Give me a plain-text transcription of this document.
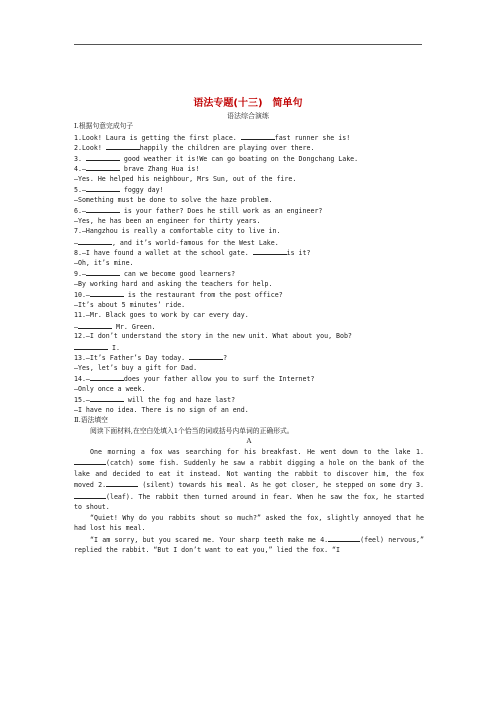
语法专题(十三)　简单句
语法综合演练
Ⅰ.根据句意完成句子
1.Look! Laura is getting the first place.	fast runner she is!
2.Look!	happily the children are playing over there.
3.	good weather it is!We can go boating on the Dongchang Lake.
4.—	brave Zhang Hua is!
—Yes. He helped his neighbour, Mrs Sun, out of the fire.
5.—	foggy day!
—Something must be done to solve the haze problem.
6.—	is your father? Does he still work as an engineer?
—Yes, he has been an engineer for thirty years.
7.—Hangzhou is really a comfortable city to live in.
—	, and it’s world-famous for the West Lake.
8.—I have found a wallet at the school gate.	is it?
—Oh, it’s mine.
9.—	can we become good learners?
—By working hard and asking the teachers for help.
10.—	is the restaurant from the post office?
—It’s about 5 minutes’ ride.
11.—Mr. Black goes to work by car every day.
—	Mr. Green.
12.—I don’t understand the story in the new unit. What about you, Bob?
I.
13.—It’s Father’s Day today.	?
—Yes, let’s buy a gift for Dad.
14.—	does your father allow you to surf the Internet?
—Only once a week.
15.—	will the fog and haze last?
—I have no idea. There is no sign of an end.
Ⅱ.语法填空
阅读下面材料,在空白处填入1个恰当的词或括号内单词的正确形式。
A
One morning a fox was searching for his breakfast. He went down to the lake 1.(catch) some fish. Suddenly he saw a rabbit digging a hole on the bank of the lake and decided to eat it instead. Not wanting the rabbit to discover him, the fox moved 2.	(silent) towards his meal. As he got closer, he stepped on some dry 3.(leaf). The rabbit then turned around in fear. When he saw the fox, he started to shout.
“Quiet! Why do you rabbits shout so much?” asked the fox, slightly annoyed that he had lost his meal.
“I am sorry, but you scared me. Your sharp teeth make me 4.	(feel) nervous,” replied the rabbit. “But I don’t want to eat you,” lied the fox. “I
